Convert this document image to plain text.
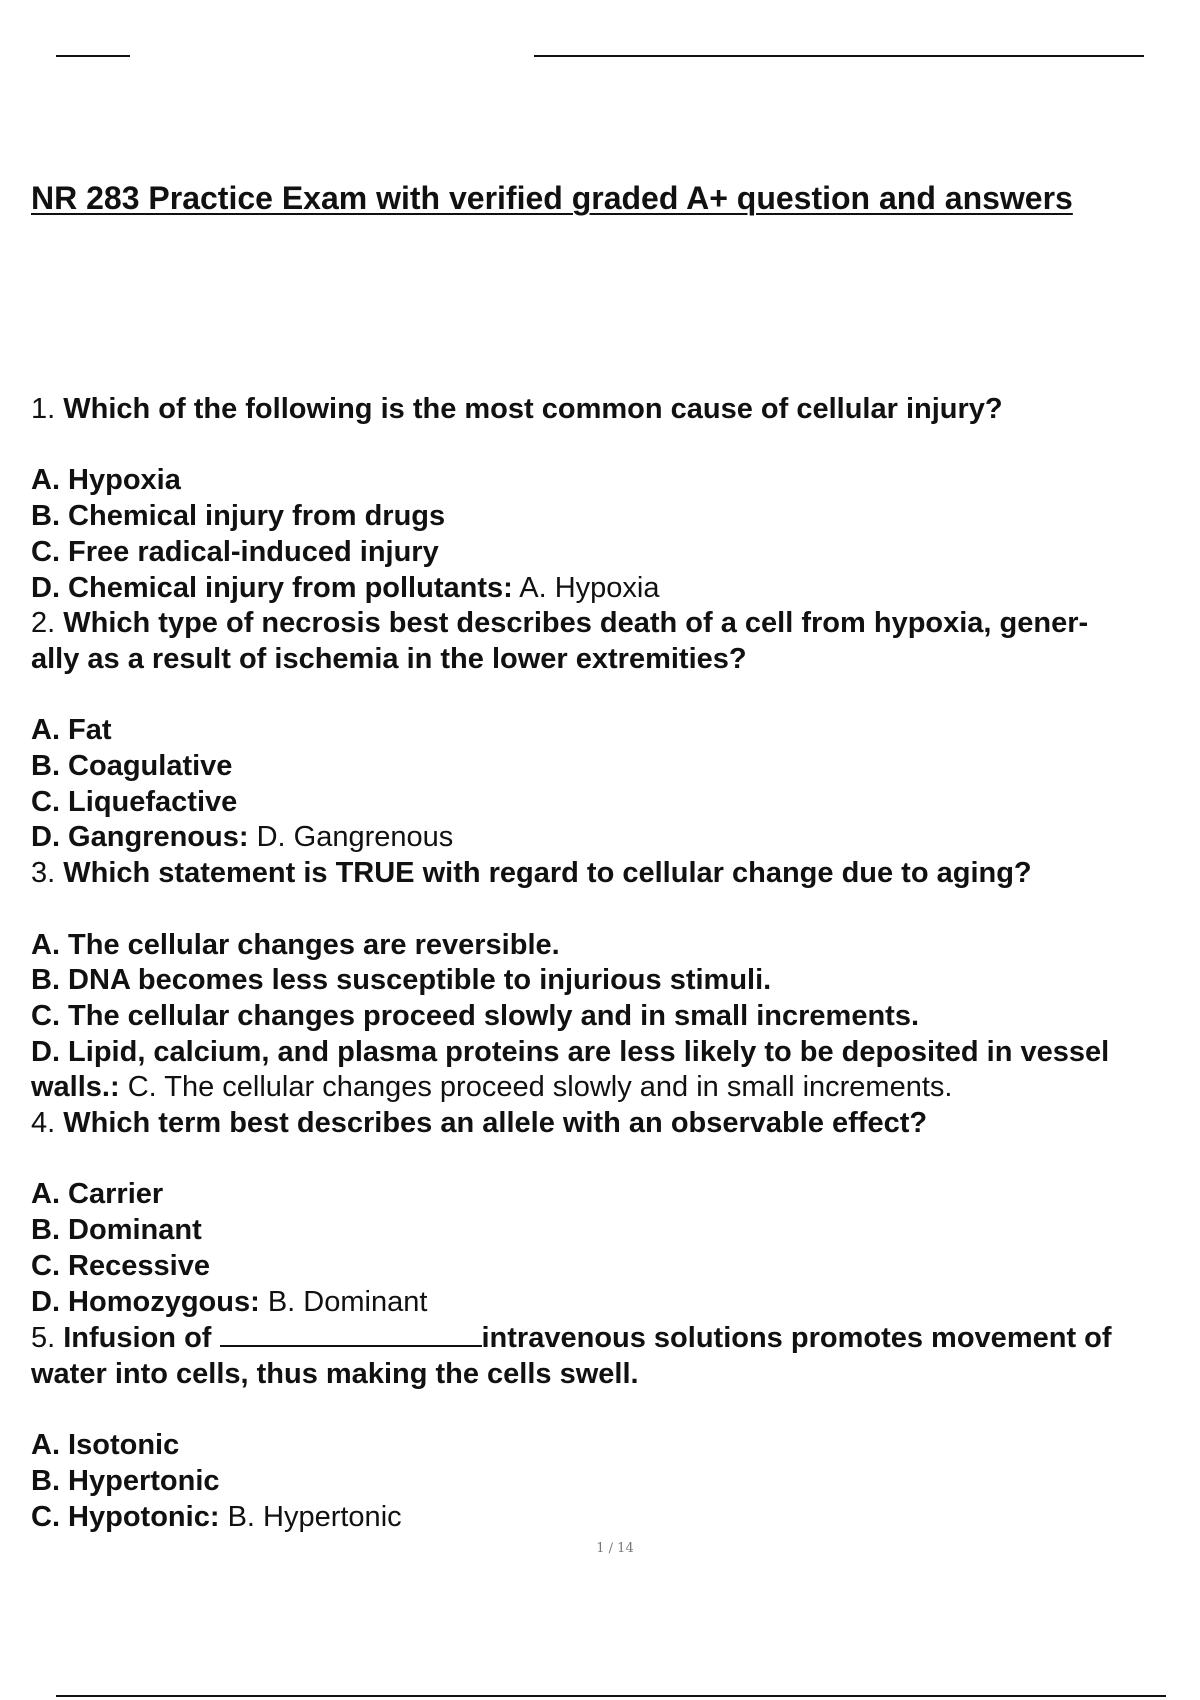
NR 283 Practice Exam with verified graded A+ question and answers
1. Which of the following is the most common cause of cellular injury?
A. Hypoxia
B. Chemical injury from drugs
C. Free radical-induced injury
D. Chemical injury from pollutants: A. Hypoxia
2. Which type of necrosis best describes death of a cell from hypoxia, gener-
ally as a result of ischemia in the lower extremities?
A. Fat
B. Coagulative
C. Liquefactive
D. Gangrenous: D. Gangrenous
3. Which statement is TRUE with regard to cellular change due to aging?
A. The cellular changes are reversible.
B. DNA becomes less susceptible to injurious stimuli.
C. The cellular changes proceed slowly and in small increments.
D. Lipid, calcium, and plasma proteins are less likely to be deposited in vessel
walls.: C. The cellular changes proceed slowly and in small increments.
4. Which term best describes an allele with an observable effect?
A. Carrier
B. Dominant
C. Recessive
D. Homozygous: B. Dominant
5. Infusion of	intravenous solutions promotes movement of
water into cells, thus making the cells swell.
A. Isotonic
B. Hypertonic
C. Hypotonic: B. Hypertonic
1 / 14
